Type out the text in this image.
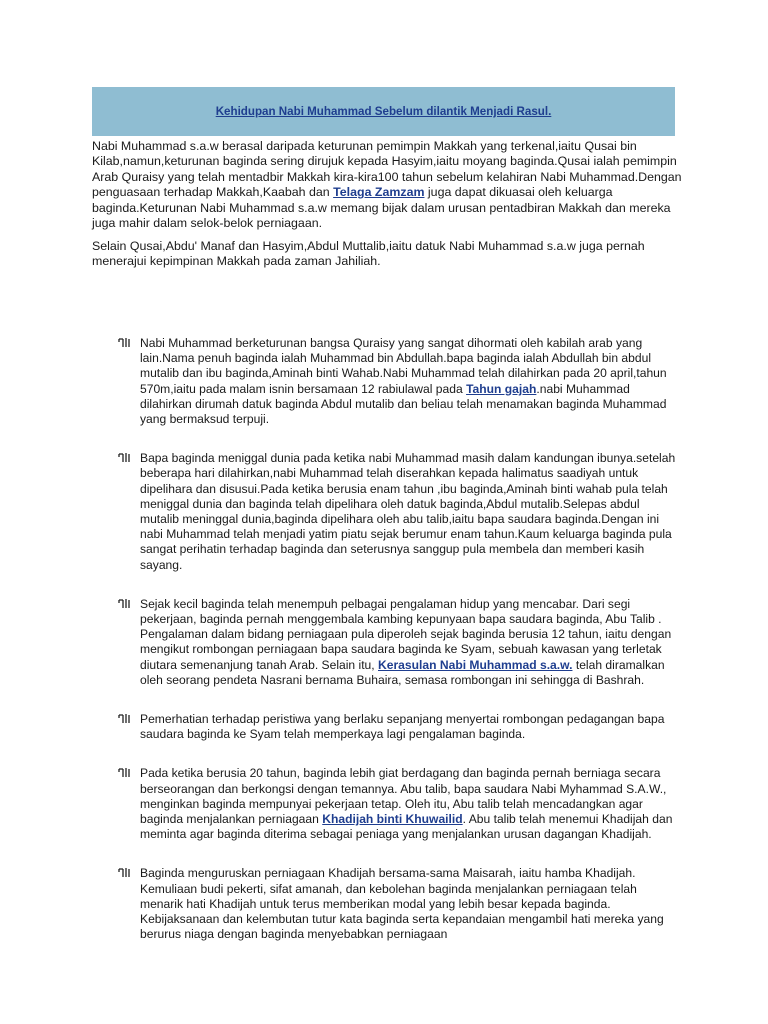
Kehidupan Nabi Muhammad Sebelum dilantik Menjadi Rasul.

Nabi Muhammad s.a.w berasal daripada keturunan pemimpin Makkah yang terkenal,iaitu Qusai bin Kilab,namun,keturunan baginda sering dirujuk kepada Hasyim,iaitu moyang baginda.Qusai ialah pemimpin Arab Quraisy yang telah mentadbir Makkah kira-kira100 tahun sebelum kelahiran Nabi Muhammad.Dengan penguasaan terhadap Makkah,Kaabah dan Telaga Zamzam juga dapat dikuasai oleh keluarga baginda.Keturunan Nabi Muhammad s.a.w memang bijak dalam urusan pentadbiran Makkah dan mereka juga mahir dalam selok-belok perniagaan.

Selain Qusai,Abdu' Manaf dan Hasyim,Abdul Muttalib,iaitu datuk Nabi Muhammad s.a.w juga pernah menerajui kepimpinan Makkah pada zaman Jahiliah.

Nabi Muhammad berketurunan bangsa Quraisy yang sangat dihormati oleh kabilah arab yang lain.Nama penuh baginda ialah Muhammad bin Abdullah.bapa baginda ialah Abdullah bin abdul mutalib dan ibu baginda,Aminah binti Wahab.Nabi Muhammad telah dilahirkan pada 20 april,tahun 570m,iaitu pada malam isnin bersamaan 12 rabiulawal pada Tahun gajah.nabi Muhammad dilahirkan dirumah datuk baginda Abdul mutalib dan beliau telah menamakan baginda Muhammad yang bermaksud terpuji.
Bapa baginda meniggal dunia pada ketika nabi Muhammad masih dalam kandungan ibunya.setelah beberapa hari dilahirkan,nabi Muhammad telah diserahkan kepada halimatus saadiyah untuk dipelihara dan disusui.Pada ketika berusia enam tahun ,ibu baginda,Aminah binti wahab pula telah meniggal dunia dan baginda telah dipelihara oleh datuk baginda,Abdul mutalib.Selepas abdul mutalib meninggal dunia,baginda dipelihara oleh abu talib,iaitu bapa saudara baginda.Dengan ini nabi Muhammad telah menjadi yatim piatu sejak berumur enam tahun.Kaum keluarga baginda pula sangat perihatin terhadap baginda dan seterusnya sanggup pula membela dan memberi kasih sayang.
Sejak kecil baginda telah menempuh pelbagai pengalaman hidup yang mencabar. Dari segi pekerjaan, baginda pernah menggembala kambing kepunyaan bapa saudara baginda, Abu Talib . Pengalaman dalam bidang perniagaan pula diperoleh sejak baginda berusia 12 tahun, iaitu dengan mengikut rombongan perniagaan bapa saudara baginda ke Syam, sebuah kawasan yang terletak diutara semenanjung tanah Arab. Selain itu, Kerasulan Nabi Muhammad s.a.w. telah diramalkan oleh seorang pendeta Nasrani bernama Buhaira, semasa rombongan ini sehingga di Bashrah.
Pemerhatian terhadap peristiwa yang berlaku sepanjang menyertai rombongan pedagangan bapa saudara baginda ke Syam telah memperkaya lagi pengalaman baginda.
Pada ketika berusia 20 tahun, baginda lebih giat berdagang dan baginda pernah berniaga secara berseorangan dan berkongsi dengan temannya. Abu talib, bapa saudara Nabi Myhammad S.A.W., menginkan baginda mempunyai pekerjaan tetap. Oleh itu, Abu talib telah mencadangkan agar baginda menjalankan perniagaan Khadijah binti Khuwailid. Abu talib telah menemui Khadijah dan meminta agar baginda diterima sebagai peniaga yang menjalankan urusan dagangan Khadijah.
Baginda menguruskan perniagaan Khadijah bersama-sama Maisarah, iaitu hamba Khadijah. Kemuliaan budi pekerti, sifat amanah, dan kebolehan baginda menjalankan perniagaan telah menarik hati Khadijah untuk terus memberikan modal yang lebih besar kepada baginda. Kebijaksanaan dan kelembutan tutur kata baginda serta kepandaian mengambil hati mereka yang berurus niaga dengan baginda menyebabkan perniagaan
